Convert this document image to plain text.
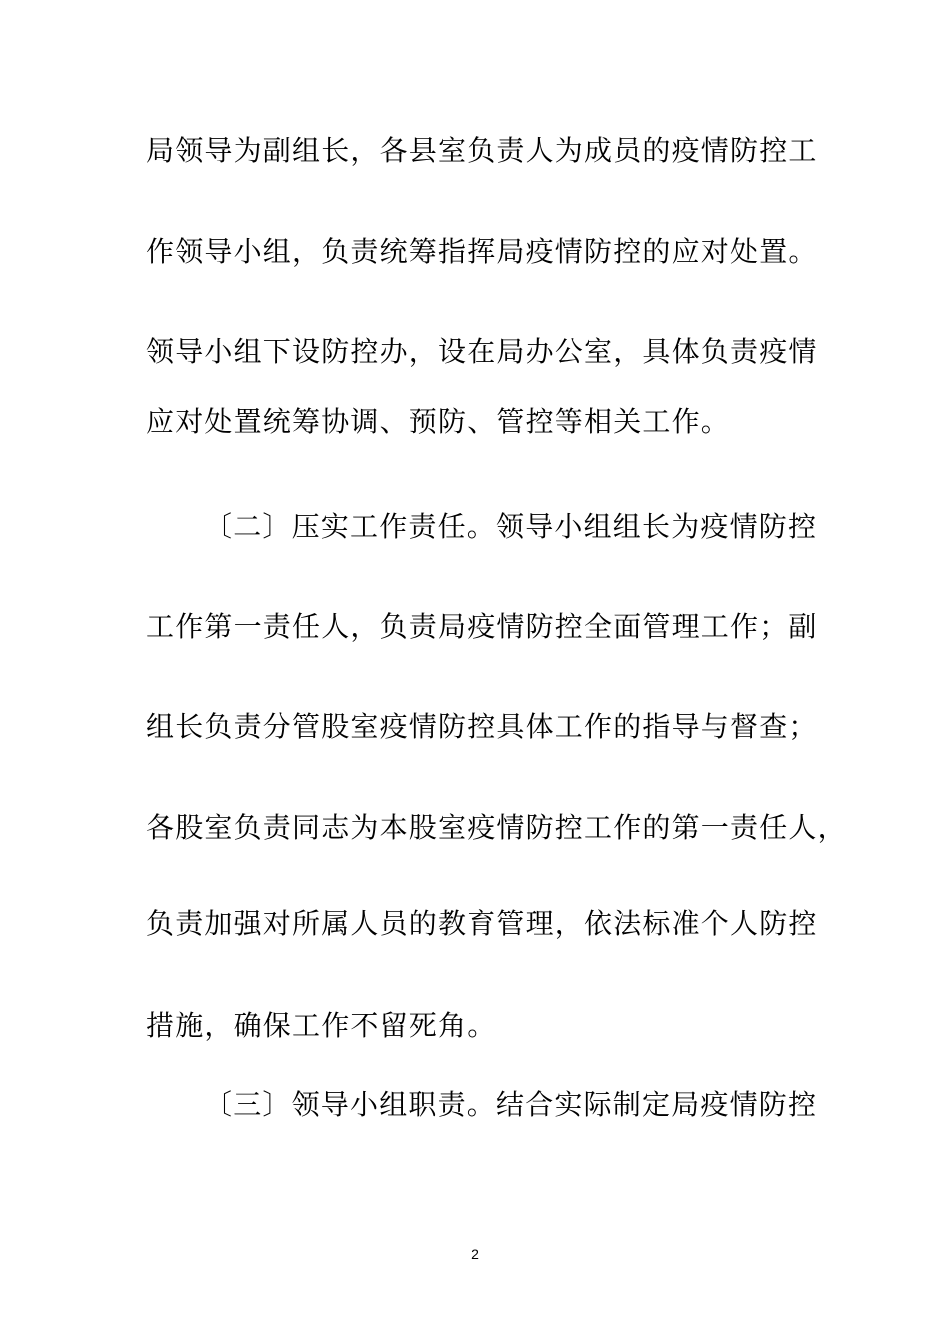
局领导为副组长，各县室负责人为成员的疫情防控工
作领导小组，负责统筹指挥局疫情防控的应对处置。
领导小组下设防控办，设在局办公室，具体负责疫情
应对处置统筹协调、预防、管控等相关工作。
〔二〕压实工作责任。领导小组组长为疫情防控
工作第一责任人，负责局疫情防控全面管理工作；副
组长负责分管股室疫情防控具体工作的指导与督查；
各股室负责同志为本股室疫情防控工作的第一责任人，
负责加强对所属人员的教育管理，依法标准个人防控
措施，确保工作不留死角。
〔三〕领导小组职责。结合实际制定局疫情防控
2
